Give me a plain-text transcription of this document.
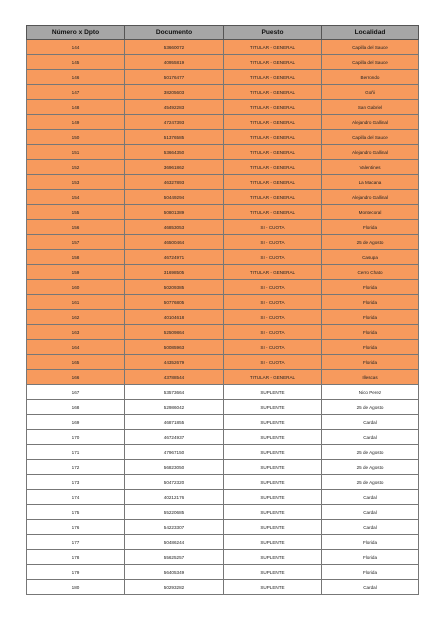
Número x Dpto	Documento	Puesto	Localidad
144	53660072	TITULAR - GENERAL	Capilla del Sauce
145	40955819	TITULAR - GENERAL	Capilla del Sauce
146	50176477	TITULAR - GENERAL	Berrondo
147	38205603	TITULAR - GENERAL	Goñi
148	45492283	TITULAR - GENERAL	San Gabriel
149	47247393	TITULAR - GENERAL	Alejandro Gallinal
150	51376585	TITULAR - GENERAL	Capilla del Sauce
151	53664350	TITULAR - GENERAL	Alejandro Gallinal
152	36961862	TITULAR - GENERAL	Valentines
153	46327893	TITULAR - GENERAL	La Macana
154	50449294	TITULAR - GENERAL	Alejandro Gallinal
155	50801389	TITULAR - GENERAL	Montecoral
156	46853053	SI - CUOTA	Florida
157	46500464	SI - CUOTA	25 de Agosto
158	46724971	SI - CUOTA	Casupa
159	31698505	TITULAR - GENERAL	Cerro Chato
160	50209385	SI - CUOTA	Florida
161	50776805	SI - CUOTA	Florida
162	40104618	SI - CUOTA	Florida
163	52509864	SI - CUOTA	Florida
164	50085963	SI - CUOTA	Florida
165	44352679	SI - CUOTA	Florida
166	43788544	TITULAR - GENERAL	Illescas
167	53573664	SUPLENTE	Nico Perez
168	52986042	SUPLENTE	25 de Agosto
169	46871855	SUPLENTE	Cardal
170	46724937	SUPLENTE	Cardal
171	47967150	SUPLENTE	25 de Agosto
172	56823050	SUPLENTE	25 de Agosto
173	50472320	SUPLENTE	25 de Agosto
174	40212176	SUPLENTE	Cardal
175	55220685	SUPLENTE	Cardal
176	54223307	SUPLENTE	Cardal
177	50486244	SUPLENTE	Florida
178	55625257	SUPLENTE	Florida
179	56405349	SUPLENTE	Florida
180	50293282	SUPLENTE	Cardal
